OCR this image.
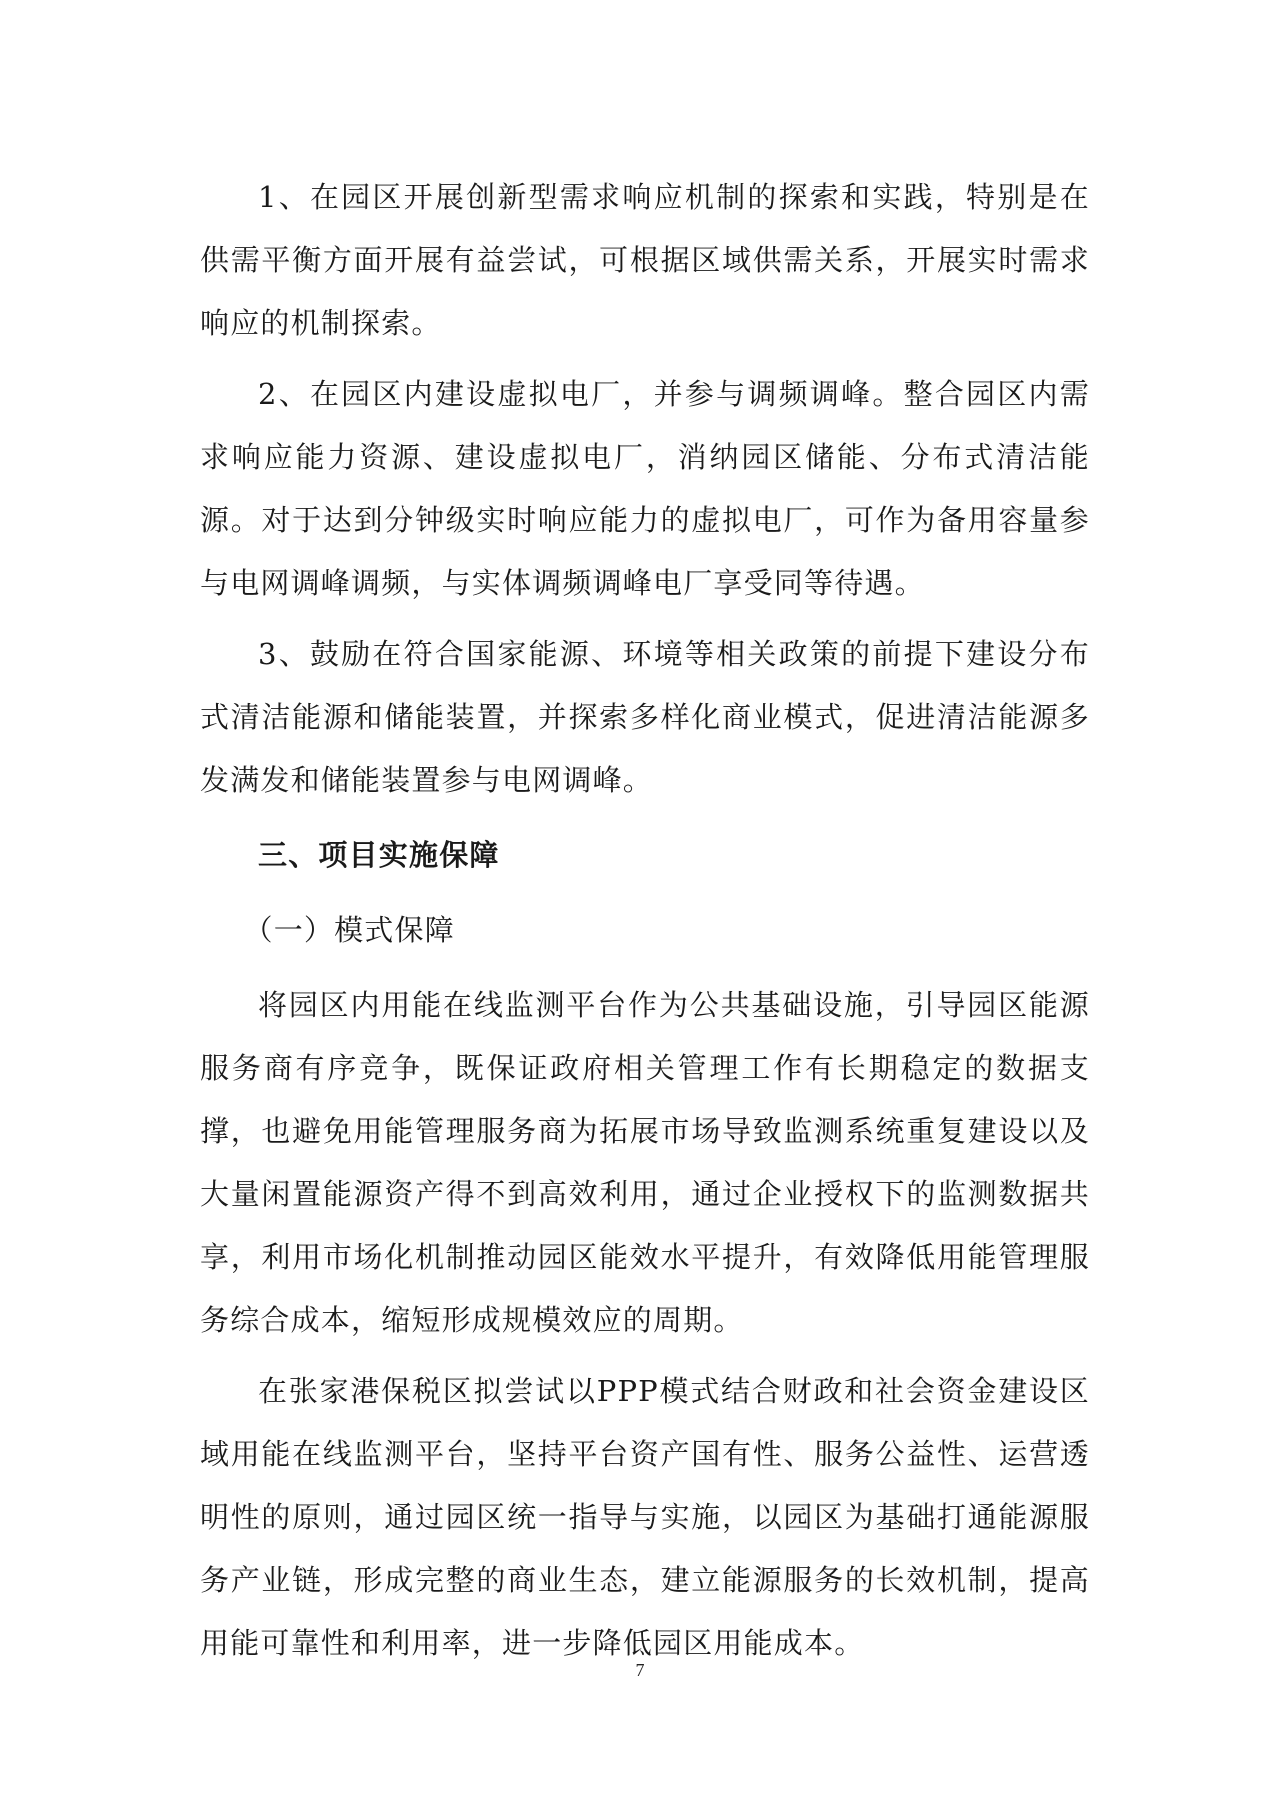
1、在园区开展创新型需求响应机制的探索和实践，特别是在供需平衡方面开展有益尝试，可根据区域供需关系，开展实时需求响应的机制探索。

2、在园区内建设虚拟电厂，并参与调频调峰。整合园区内需求响应能力资源、建设虚拟电厂，消纳园区储能、分布式清洁能源。对于达到分钟级实时响应能力的虚拟电厂，可作为备用容量参与电网调峰调频，与实体调频调峰电厂享受同等待遇。

3、鼓励在符合国家能源、环境等相关政策的前提下建设分布式清洁能源和储能装置，并探索多样化商业模式，促进清洁能源多发满发和储能装置参与电网调峰。

三、项目实施保障

（一）模式保障

将园区内用能在线监测平台作为公共基础设施，引导园区能源服务商有序竞争，既保证政府相关管理工作有长期稳定的数据支撑，也避免用能管理服务商为拓展市场导致监测系统重复建设以及大量闲置能源资产得不到高效利用，通过企业授权下的监测数据共享，利用市场化机制推动园区能效水平提升，有效降低用能管理服务综合成本，缩短形成规模效应的周期。

在张家港保税区拟尝试以PPP模式结合财政和社会资金建设区域用能在线监测平台，坚持平台资产国有性、服务公益性、运营透明性的原则，通过园区统一指导与实施，以园区为基础打通能源服务产业链，形成完整的商业生态，建立能源服务的长效机制，提高用能可靠性和利用率，进一步降低园区用能成本。

7
